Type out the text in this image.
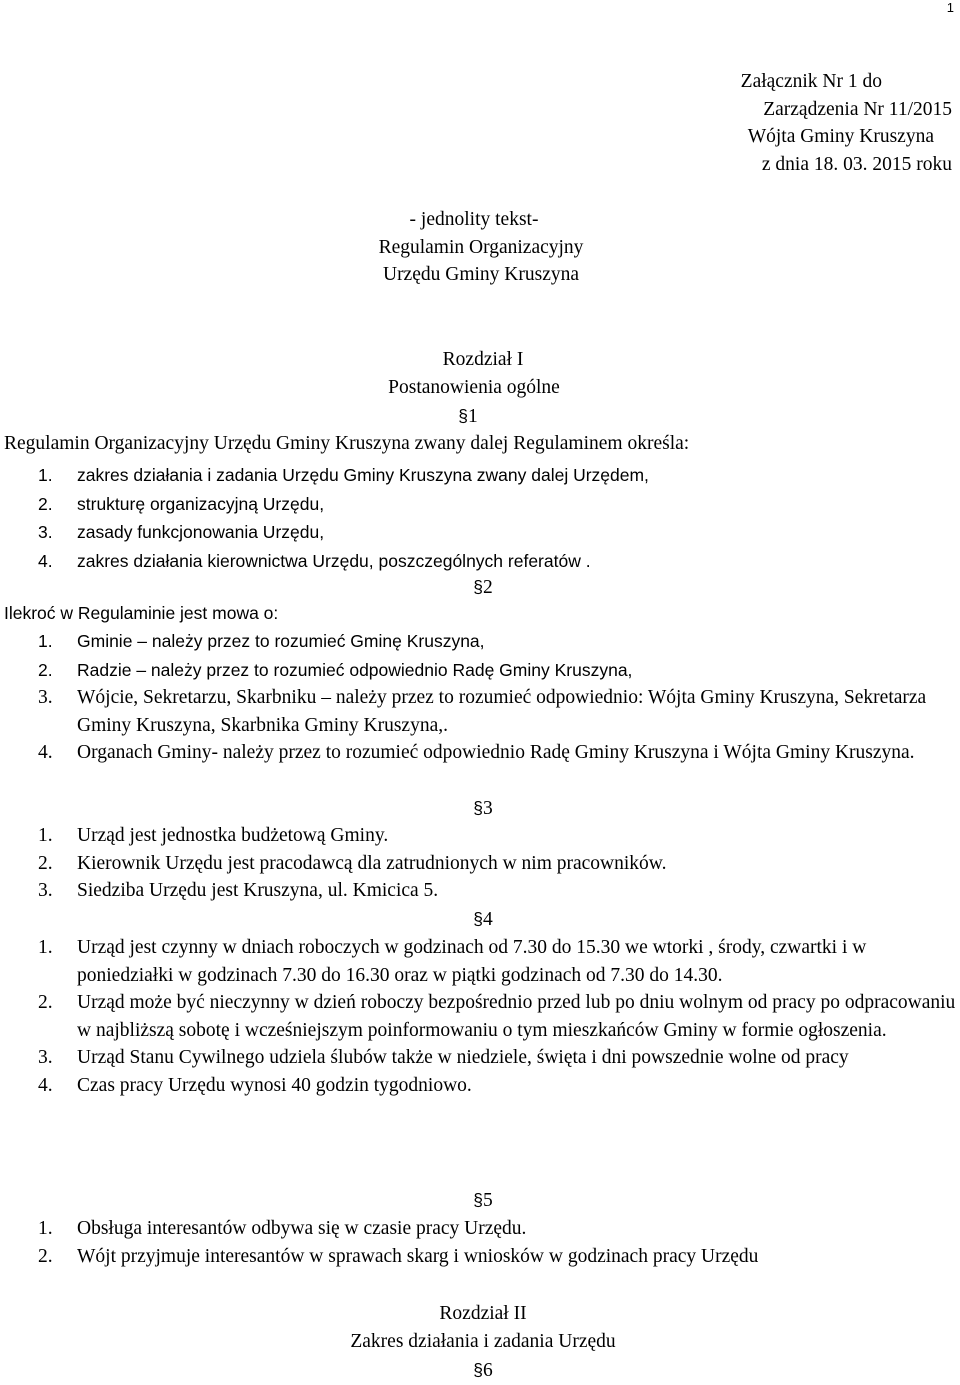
1
Załącznik Nr 1 do
Zarządzenia Nr 11/2015
Wójta Gminy Kruszyna
z dnia 18. 03. 2015 roku
- jednolity tekst-
Regulamin Organizacyjny
Urzędu Gminy Kruszyna
Rozdział I
Postanowienia ogólne
§1
Regulamin Organizacyjny Urzędu Gminy Kruszyna zwany dalej Regulaminem określa:
1. zakres działania i zadania Urzędu Gminy Kruszyna zwany dalej Urzędem,
2. strukturę organizacyjną Urzędu,
3. zasady funkcjonowania Urzędu,
4. zakres działania kierownictwa Urzędu, poszczególnych referatów .
§2
Ilekroć w Regulaminie jest mowa o:
1. Gminie – należy przez to rozumieć Gminę Kruszyna,
2. Radzie – należy przez to rozumieć odpowiednio Radę Gminy Kruszyna,
3. Wójcie, Sekretarzu, Skarbniku – należy przez to rozumieć odpowiednio: Wójta Gminy Kruszyna, Sekretarza Gminy Kruszyna, Skarbnika Gminy Kruszyna,.
4. Organach Gminy- należy przez to rozumieć odpowiednio Radę Gminy Kruszyna i Wójta Gminy Kruszyna.
§3
1. Urząd jest jednostka budżetową Gminy.
2. Kierownik Urzędu jest pracodawcą dla zatrudnionych w nim pracowników.
3. Siedziba Urzędu jest Kruszyna, ul. Kmicica 5.
§4
1. Urząd jest czynny w dniach roboczych w godzinach od 7.30 do 15.30 we wtorki , środy, czwartki i w poniedziałki w godzinach 7.30 do 16.30 oraz w piątki godzinach od 7.30 do 14.30.
2. Urząd może być nieczynny w dzień roboczy bezpośrednio przed lub po dniu wolnym od pracy po odpracowaniu w najbliższą sobotę i wcześniejszym poinformowaniu o tym mieszkańców Gminy w formie ogłoszenia.
3. Urząd Stanu Cywilnego udziela ślubów także w niedziele, święta i dni powszednie wolne od pracy
4. Czas pracy Urzędu wynosi 40 godzin tygodniowo.
§5
1. Obsługa interesantów odbywa się w czasie pracy Urzędu.
2. Wójt przyjmuje interesantów w sprawach skarg i wniosków w godzinach pracy Urzędu
Rozdział II
Zakres działania i zadania Urzędu
§6
